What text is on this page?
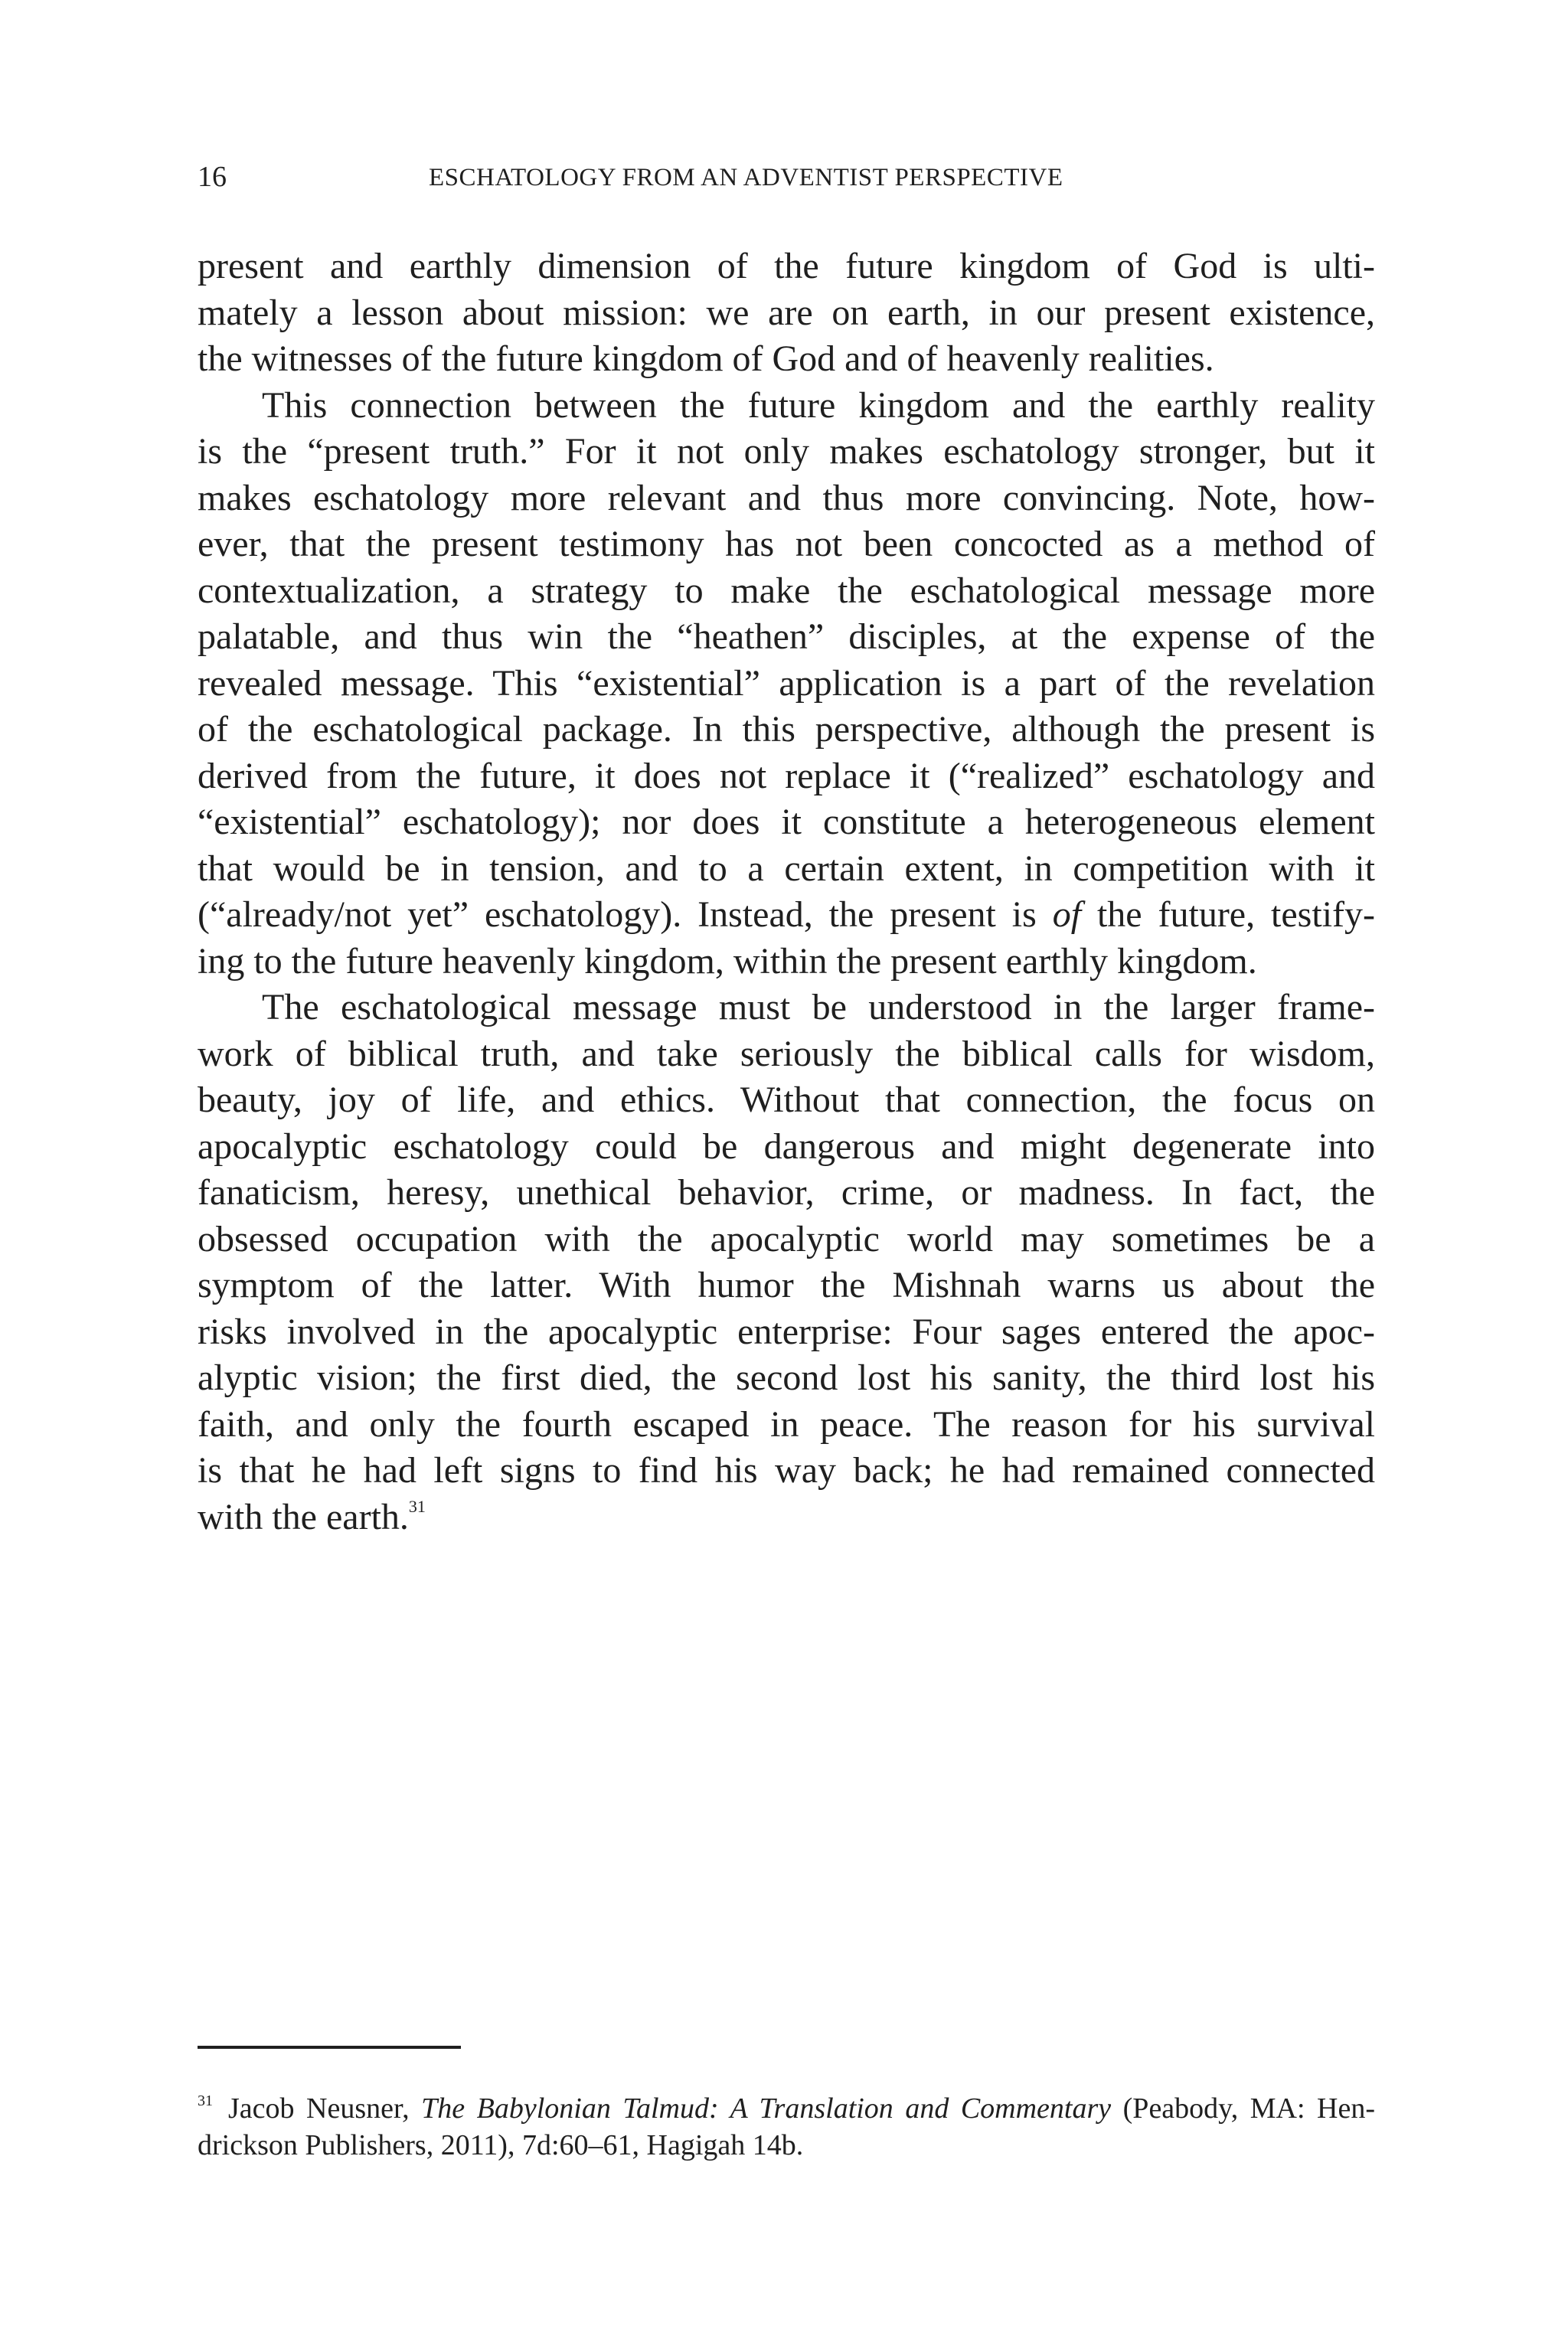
16	ESCHATOLOGY FROM AN ADVENTIST PERSPECTIVE

present and earthly dimension of the future kingdom of God is ulti-
mately a lesson about mission: we are on earth, in our present existence,
the witnesses of the future kingdom of God and of heavenly realities.

This connection between the future kingdom and the earthly reality
is the “present truth.” For it not only makes eschatology stronger, but it
makes eschatology more relevant and thus more convincing. Note, how-
ever, that the present testimony has not been concocted as a method of
contextualization, a strategy to make the eschatological message more
palatable, and thus win the “heathen” disciples, at the expense of the
revealed message. This “existential” application is a part of the revelation
of the eschatological package. In this perspective, although the present is
derived from the future, it does not replace it (“realized” eschatology and
“existential” eschatology); nor does it constitute a heterogeneous element
that would be in tension, and to a certain extent, in competition with it
(“already/not yet” eschatology). Instead, the present is of the future, testify-
ing to the future heavenly kingdom, within the present earthly kingdom.

The eschatological message must be understood in the larger frame-
work of biblical truth, and take seriously the biblical calls for wisdom,
beauty, joy of life, and ethics. Without that connection, the focus on
apocalyptic eschatology could be dangerous and might degenerate into
fanaticism, heresy, unethical behavior, crime, or madness. In fact, the
obsessed occupation with the apocalyptic world may sometimes be a
symptom of the latter. With humor the Mishnah warns us about the
risks involved in the apocalyptic enterprise: Four sages entered the apoc-
alyptic vision; the first died, the second lost his sanity, the third lost his
faith, and only the fourth escaped in peace. The reason for his survival
is that he had left signs to find his way back; he had remained connected
with the earth.$^{31}$

$^{31}$ Jacob Neusner, The Babylonian Talmud: A Translation and Commentary (Peabody, MA: Hen-
drickson Publishers, 2011), 7d:60–61, Hagigah 14b.
